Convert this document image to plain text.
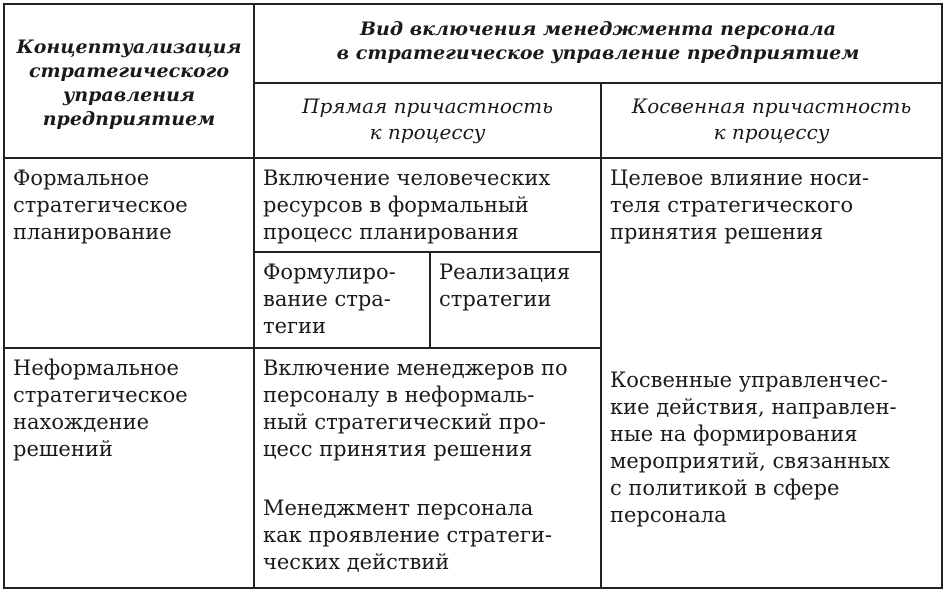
Концептуализация
стратегического
управления
предприятием
Вид включения менеджмента персонала
в стратегическое управление предприятием
Прямая причастность
к процессу
Косвенная причастность
к процессу
Формальное
стратегическое
планирование
Включение человеческих
ресурсов в формальный
процесс планирования
Формулиро-
вание стра-
тегии
Реализация
стратегии
Целевое влияние носи-
теля стратегического
принятия решения
Неформальное
стратегическое
нахождение
решений
Включение менеджеров по
персоналу в неформаль-
ный стратегический про-
цесс принятия решения
Менеджмент персонала
как проявление стратеги-
ческих действий
Косвенные управленчес-
кие действия, направлен-
ные на формирования
мероприятий, связанных
с политикой в сфере
персонала
